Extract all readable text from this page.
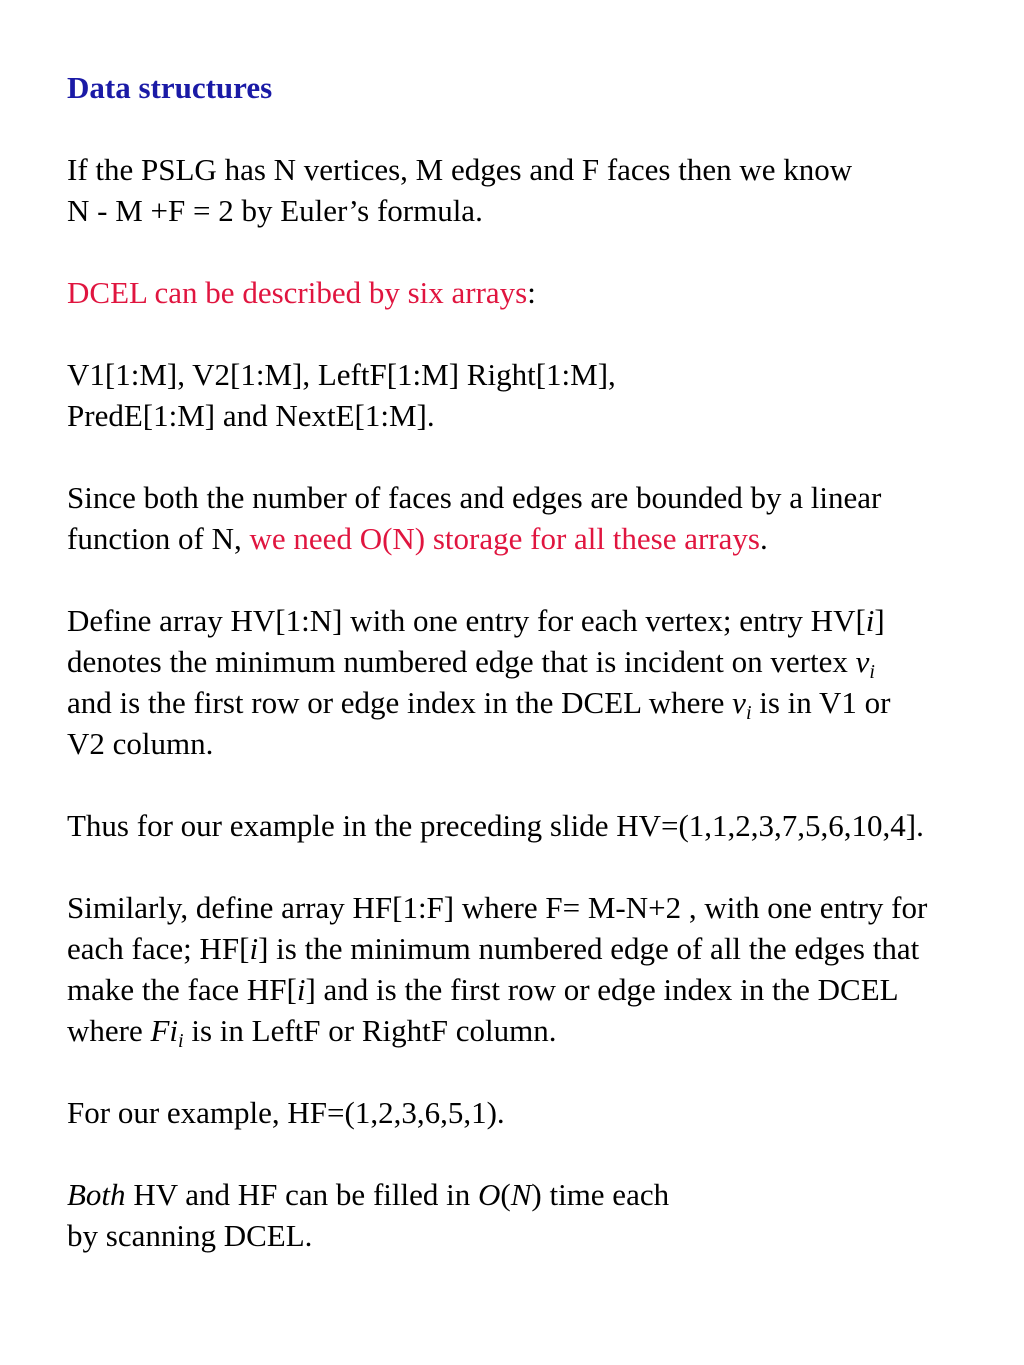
Data structures
If the PSLG has N vertices, M edges and F faces then we know
N - M +F = 2 by Euler’s formula.
DCEL can be described by six arrays:
V1[1:M], V2[1:M], LeftF[1:M] Right[1:M],
PredE[1:M] and NextE[1:M].
Since both the number of faces and edges are bounded by a linear
function of N, we need O(N) storage for all these arrays.
Define array HV[1:N] with one entry for each vertex; entry HV[i]
denotes the minimum numbered edge that is incident on vertex $v_i$
and is the first row or edge index in the DCEL where $v_i$ is in V1 or
V2 column.
Thus for our example in the preceding slide HV=(1,1,2,3,7,5,6,10,4].
Similarly, define array HF[1:F] where F= M-N+2 , with one entry for
each face; HF[i] is the minimum numbered edge of all the edges that
make the face HF[i] and is the first row or edge index in the DCEL
where $Fi_i$ is in LeftF or RightF column.
For our example, HF=(1,2,3,6,5,1).
Both HV and HF can be filled in O(N) time each
by scanning DCEL.
